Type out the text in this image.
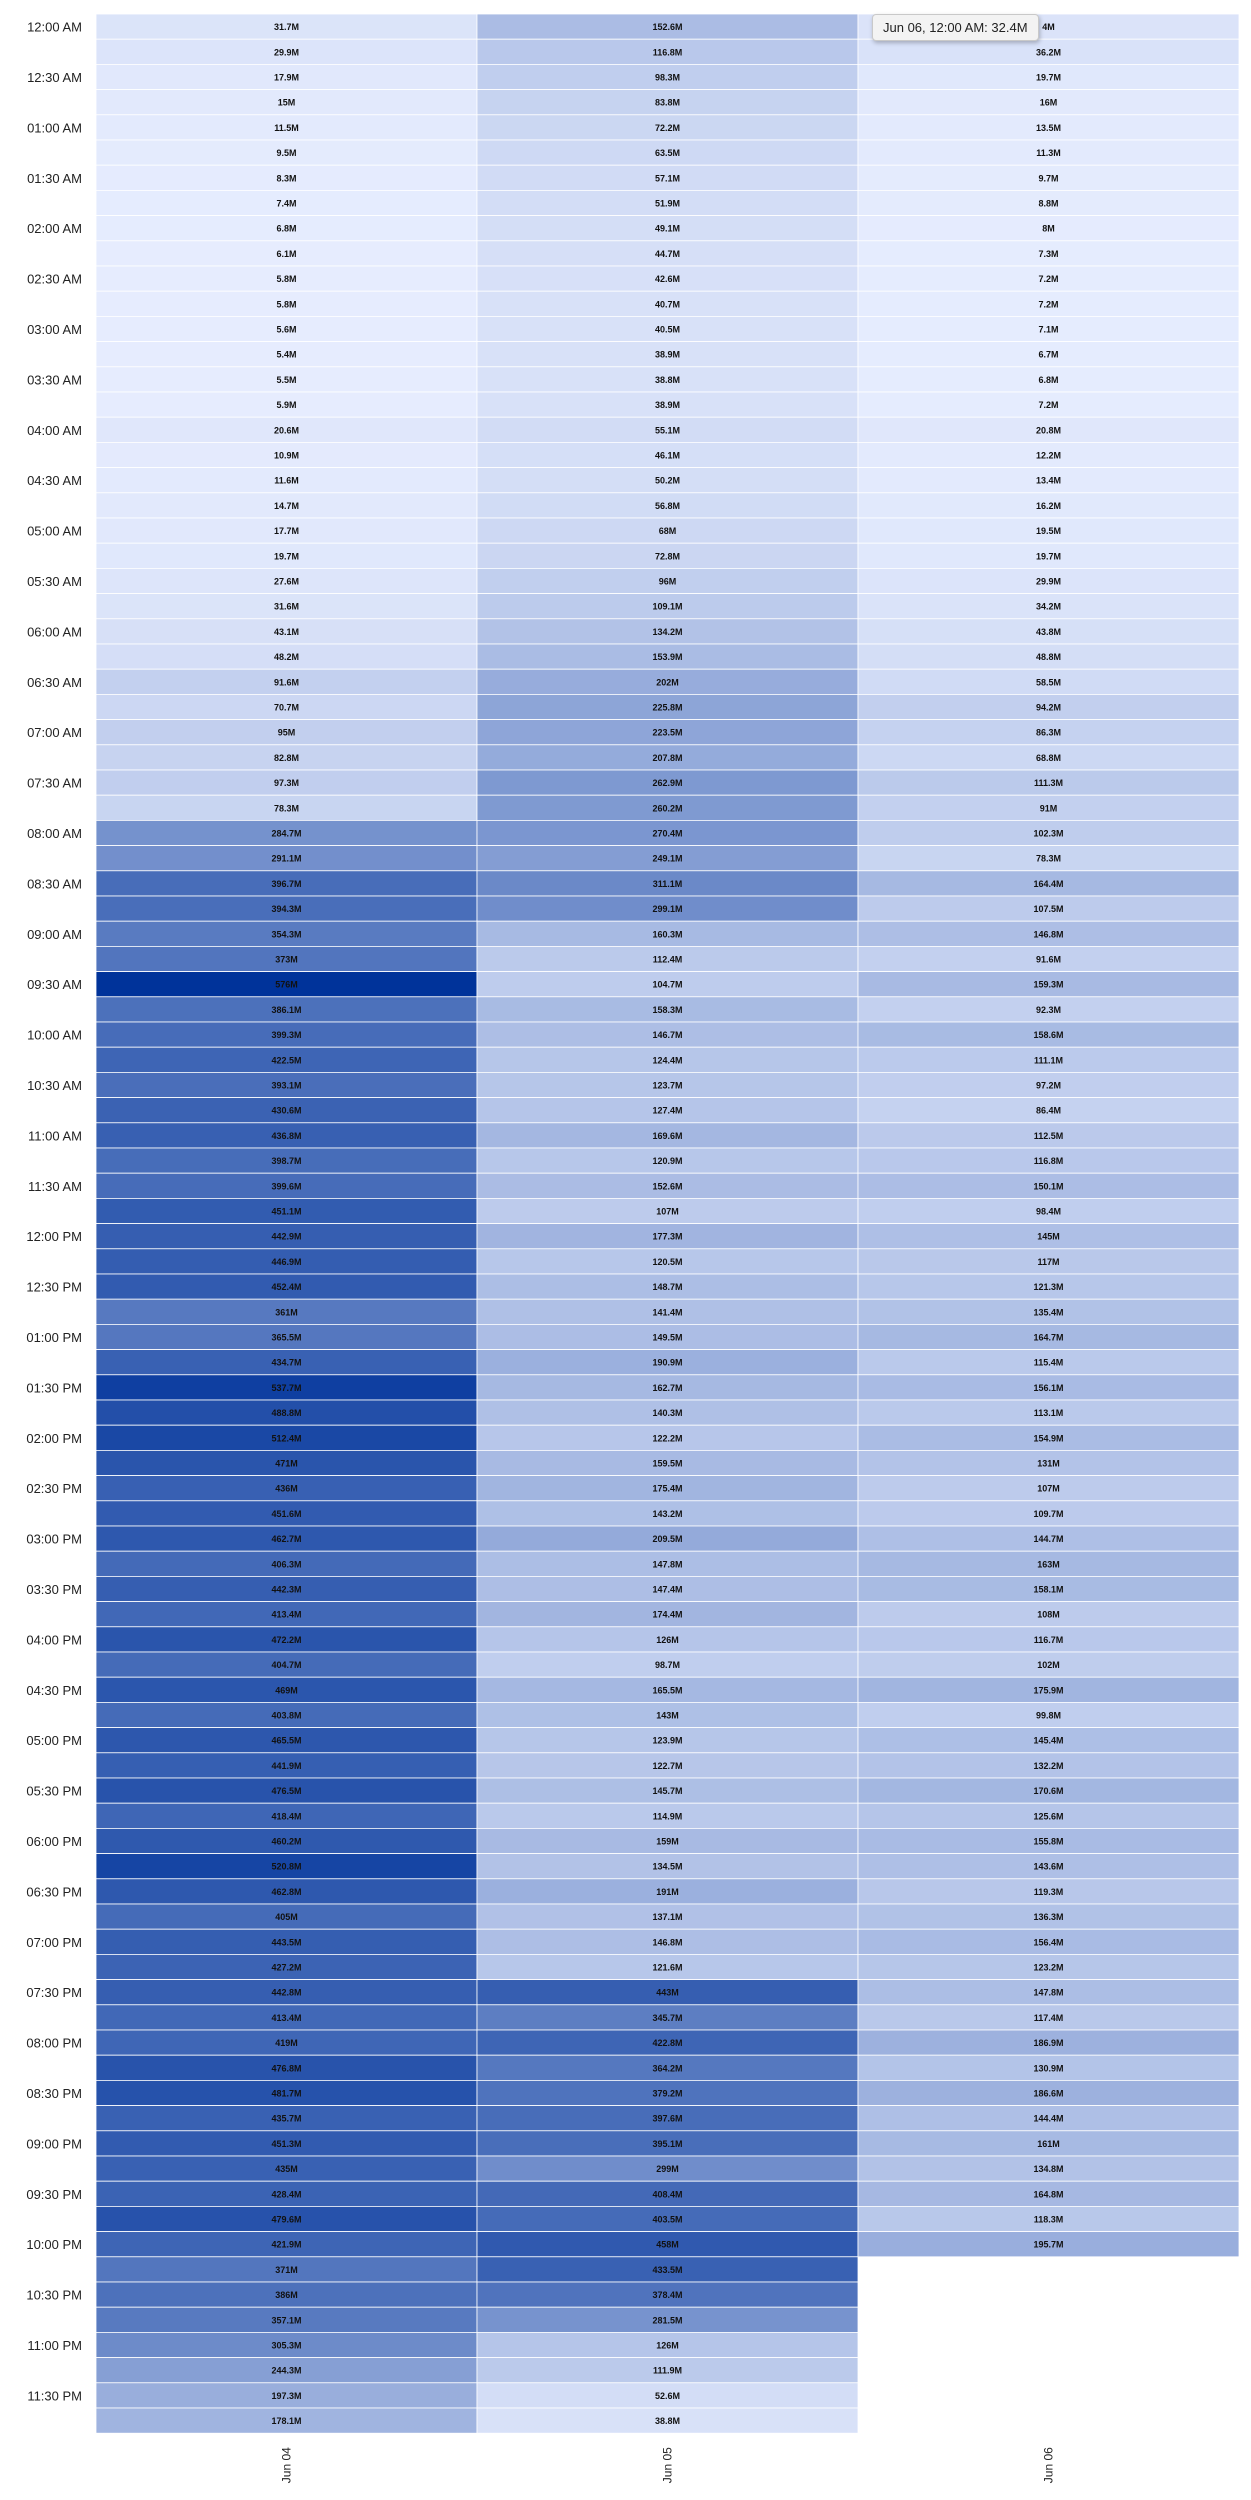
31.7M
29.9M
17.9M
15M
11.5M
9.5M
8.3M
7.4M
6.8M
6.1M
5.8M
5.8M
5.6M
5.4M
5.5M
5.9M
20.6M
10.9M
11.6M
14.7M
17.7M
19.7M
27.6M
31.6M
43.1M
48.2M
91.6M
70.7M
95M
82.8M
97.3M
78.3M
284.7M
291.1M
396.7M
394.3M
354.3M
373M
576M
386.1M
399.3M
422.5M
393.1M
430.6M
436.8M
398.7M
399.6M
451.1M
442.9M
446.9M
452.4M
361M
365.5M
434.7M
537.7M
488.8M
512.4M
471M
436M
451.6M
462.7M
406.3M
442.3M
413.4M
472.2M
404.7M
469M
403.8M
465.5M
441.9M
476.5M
418.4M
460.2M
520.8M
462.8M
405M
443.5M
427.2M
442.8M
413.4M
419M
476.8M
481.7M
435.7M
451.3M
435M
428.4M
479.6M
421.9M
371M
386M
357.1M
305.3M
244.3M
197.3M
178.1M
152.6M
116.8M
98.3M
83.8M
72.2M
63.5M
57.1M
51.9M
49.1M
44.7M
42.6M
40.7M
40.5M
38.9M
38.8M
38.9M
55.1M
46.1M
50.2M
56.8M
68M
72.8M
96M
109.1M
134.2M
153.9M
202M
225.8M
223.5M
207.8M
262.9M
260.2M
270.4M
249.1M
311.1M
299.1M
160.3M
112.4M
104.7M
158.3M
146.7M
124.4M
123.7M
127.4M
169.6M
120.9M
152.6M
107M
177.3M
120.5M
148.7M
141.4M
149.5M
190.9M
162.7M
140.3M
122.2M
159.5M
175.4M
143.2M
209.5M
147.8M
147.4M
174.4M
126M
98.7M
165.5M
143M
123.9M
122.7M
145.7M
114.9M
159M
134.5M
191M
137.1M
146.8M
121.6M
443M
345.7M
422.8M
364.2M
379.2M
397.6M
395.1M
299M
408.4M
403.5M
458M
433.5M
378.4M
281.5M
126M
111.9M
52.6M
38.8M
4M
36.2M
19.7M
16M
13.5M
11.3M
9.7M
8.8M
8M
7.3M
7.2M
7.2M
7.1M
6.7M
6.8M
7.2M
20.8M
12.2M
13.4M
16.2M
19.5M
19.7M
29.9M
34.2M
43.8M
48.8M
58.5M
94.2M
86.3M
68.8M
111.3M
91M
102.3M
78.3M
164.4M
107.5M
146.8M
91.6M
159.3M
92.3M
158.6M
111.1M
97.2M
86.4M
112.5M
116.8M
150.1M
98.4M
145M
117M
121.3M
135.4M
164.7M
115.4M
156.1M
113.1M
154.9M
131M
107M
109.7M
144.7M
163M
158.1M
108M
116.7M
102M
175.9M
99.8M
145.4M
132.2M
170.6M
125.6M
155.8M
143.6M
119.3M
136.3M
156.4M
123.2M
147.8M
117.4M
186.9M
130.9M
186.6M
144.4M
161M
134.8M
164.8M
118.3M
195.7M
12:00 AM
12:30 AM
01:00 AM
01:30 AM
02:00 AM
02:30 AM
03:00 AM
03:30 AM
04:00 AM
04:30 AM
05:00 AM
05:30 AM
06:00 AM
06:30 AM
07:00 AM
07:30 AM
08:00 AM
08:30 AM
09:00 AM
09:30 AM
10:00 AM
10:30 AM
11:00 AM
11:30 AM
12:00 PM
12:30 PM
01:00 PM
01:30 PM
02:00 PM
02:30 PM
03:00 PM
03:30 PM
04:00 PM
04:30 PM
05:00 PM
05:30 PM
06:00 PM
06:30 PM
07:00 PM
07:30 PM
08:00 PM
08:30 PM
09:00 PM
09:30 PM
10:00 PM
10:30 PM
11:00 PM
11:30 PM
Jun 04	Jun 05	Jun 06
Jun 06, 12:00 AM: 32.4M
